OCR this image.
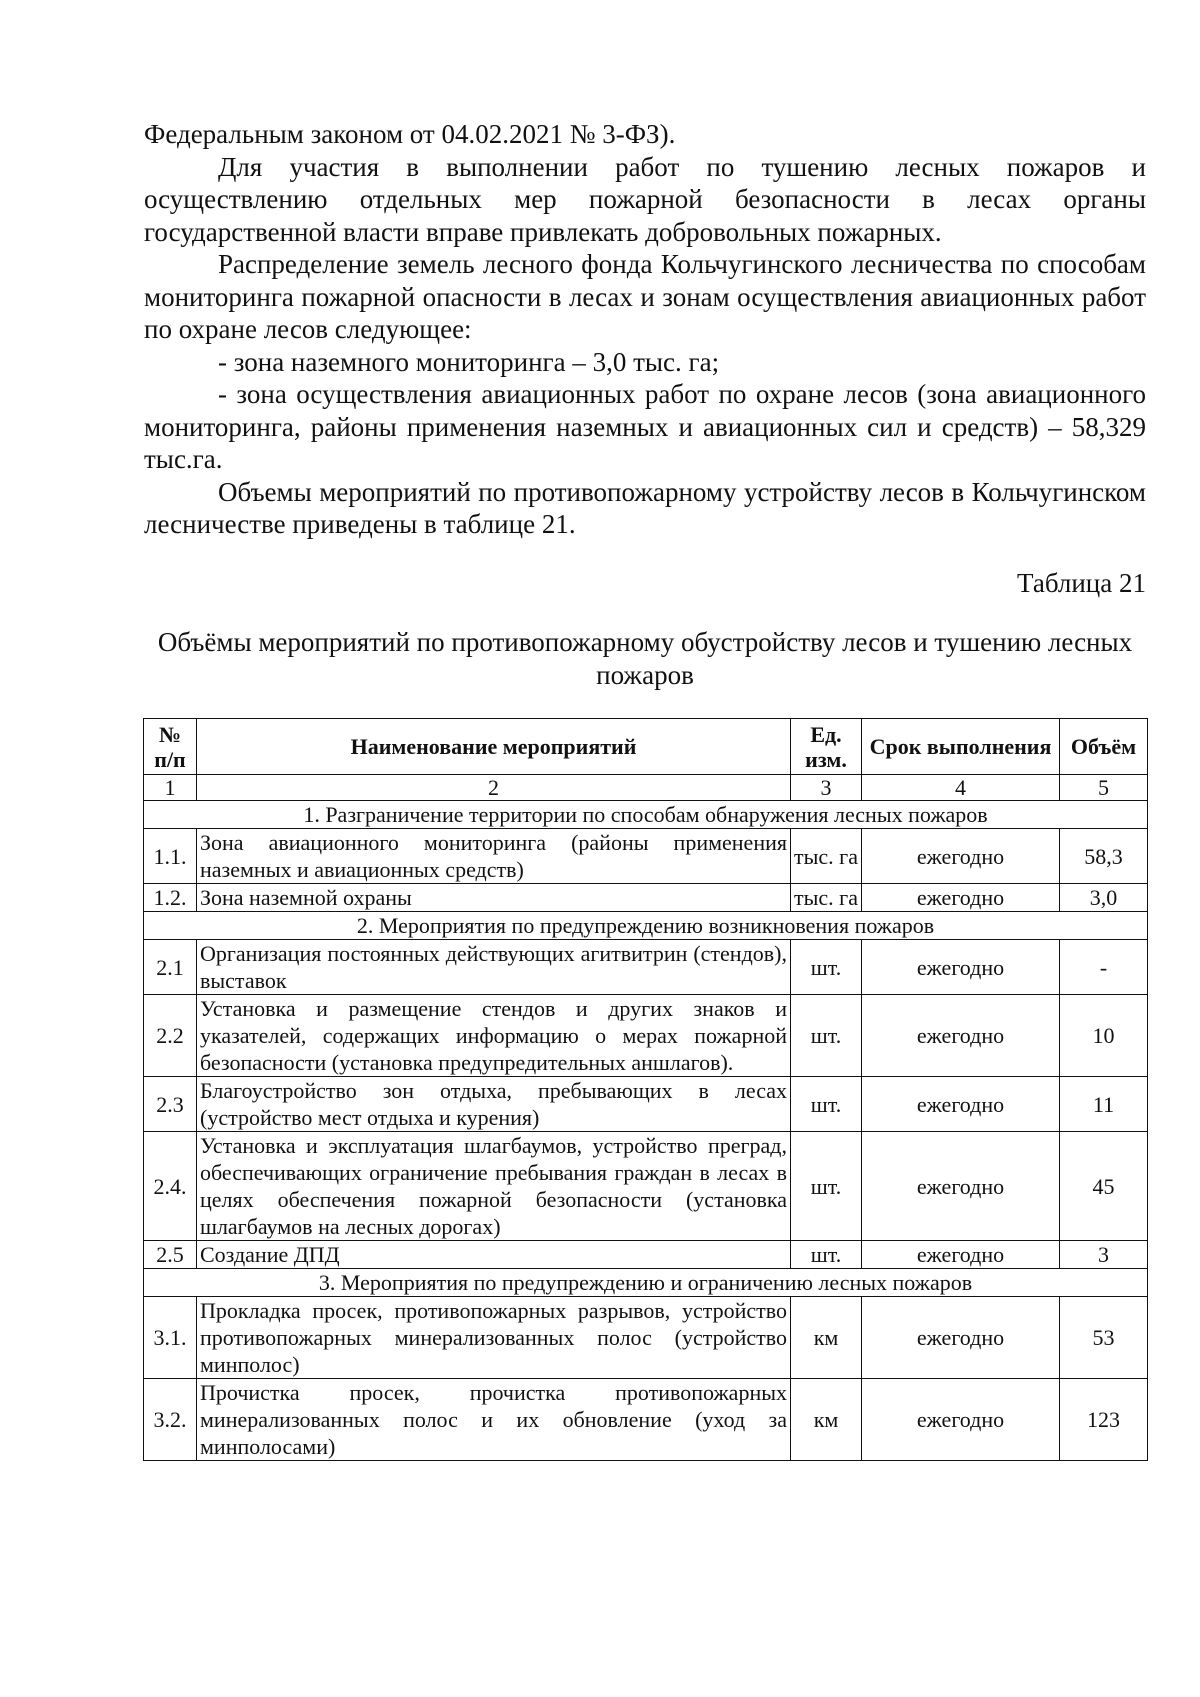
Федеральным законом от 04.02.2021 № 3-ФЗ).

Для участия в выполнении работ по тушению лесных пожаров и осуществлению отдельных мер пожарной безопасности в лесах органы государственной власти вправе привлекать добровольных пожарных.

Распределение земель лесного фонда Кольчугинского лесничества по способам мониторинга пожарной опасности в лесах и зонам осуществления авиационных работ по охране лесов следующее:

- зона наземного мониторинга – 3,0 тыс. га;

- зона осуществления авиационных работ по охране лесов (зона авиационного мониторинга, районы применения наземных и авиационных сил и средств) – 58,329 тыс.га.

Объемы мероприятий по противопожарному устройству лесов в Кольчугинском лесничестве приведены в таблице 21.

Таблица 21
Объёмы мероприятий по противопожарному обустройству лесов и тушению лесных пожаров
№ п/п	Наименование мероприятий	Ед. изм.	Срок выполнения	Объём
1	2	3	4	5
1. Разграничение территории по способам обнаружения лесных пожаров				
1.1.	Зона авиационного мониторинга (районы применения наземных и авиационных средств)	тыс. га	ежегодно	58,3
1.2.	Зона наземной охраны	тыс. га	ежегодно	3,0
2. Мероприятия по предупреждению возникновения пожаров				
2.1	Организация постоянных действующих агитвитрин (стендов), выставок	шт.	ежегодно	-
2.2	Установка и размещение стендов и других знаков и указателей, содержащих информацию о мерах пожарной безопасности (установка предупредительных аншлагов).	шт.	ежегодно	10
2.3	Благоустройство зон отдыха, пребывающих в лесах (устройство мест отдыха и курения)	шт.	ежегодно	11
2.4.	Установка и эксплуатация шлагбаумов, устройство преград, обеспечивающих ограничение пребывания граждан в лесах в целях обеспечения пожарной безопасности (установка шлагбаумов на лесных дорогах)	шт.	ежегодно	45
2.5	Создание ДПД	шт.	ежегодно	3
3. Мероприятия по предупреждению и ограничению лесных пожаров				
3.1.	Прокладка просек, противопожарных разрывов, устройство противопожарных минерализованных полос (устройство минполос)	км	ежегодно	53
3.2.	Прочистка просек, прочистка противопожарных минерализованных полос и их обновление (уход за минполосами)	км	ежегодно	123
